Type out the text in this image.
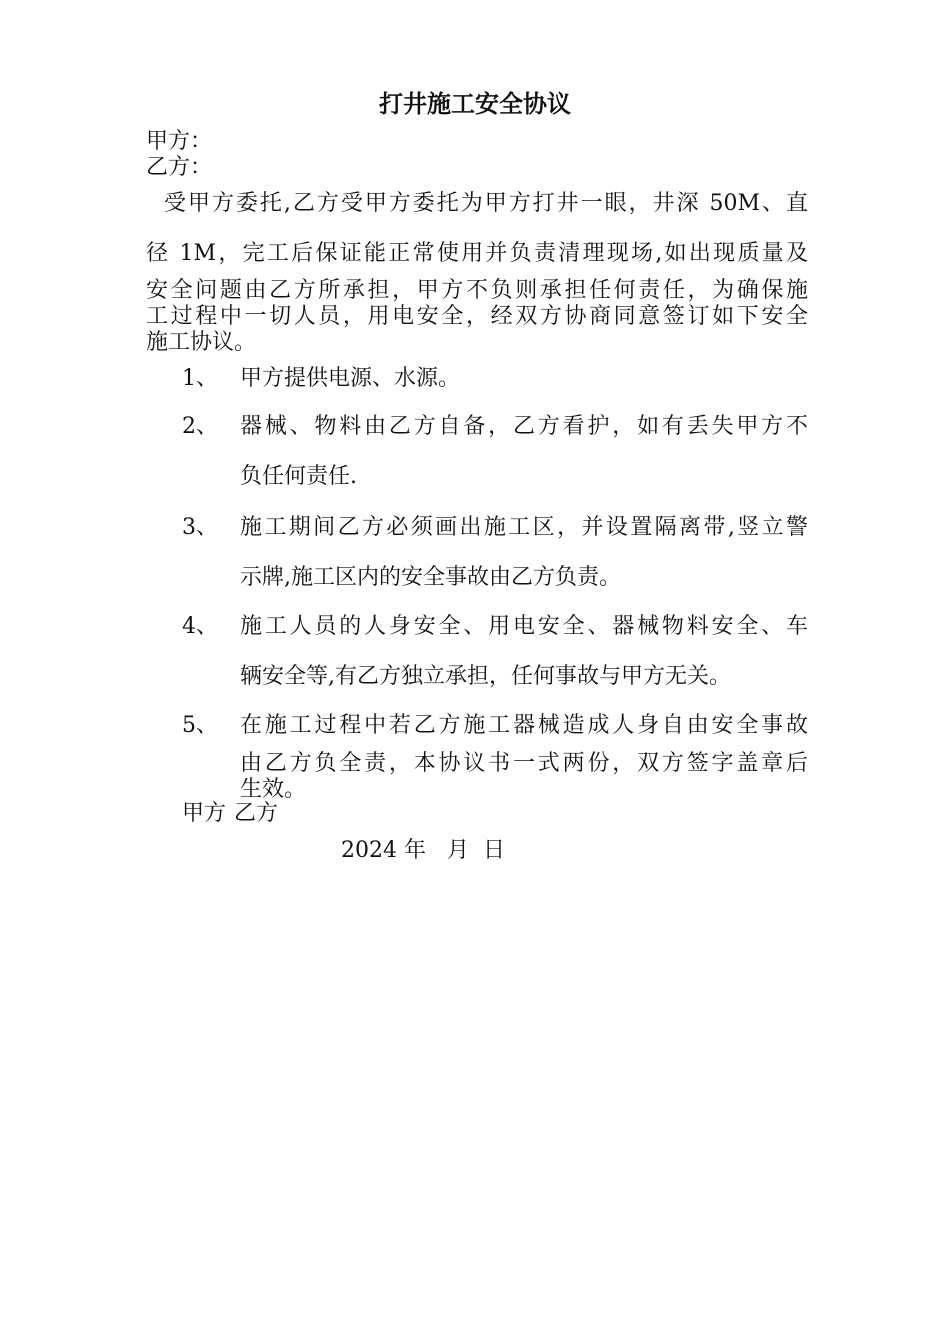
打井施工安全协议
甲方：
乙方：
受甲方委托,乙方受甲方委托为甲方打井一眼，井深 50M、直
径 1M，完工后保证能正常使用并负责清理现场,如出现质量及
安全问题由乙方所承担，甲方不负则承担任何责任，为确保施
工过程中一切人员，用电安全，经双方协商同意签订如下安全
施工协议。
1、	甲方提供电源、水源。
2、	器械、物料由乙方自备，乙方看护，如有丢失甲方不
负任何责任.
3、	施工期间乙方必须画出施工区，并设置隔离带,竖立警
示牌,施工区内的安全事故由乙方负责。
4、	施工人员的人身安全、用电安全、器械物料安全、车
辆安全等,有乙方独立承担，任何事故与甲方无关。
5、	在施工过程中若乙方施工器械造成人身自由安全事故
由乙方负全责，本协议书一式两份，双方签字盖章后
生效。
甲方 乙方
2024 年 月 日
